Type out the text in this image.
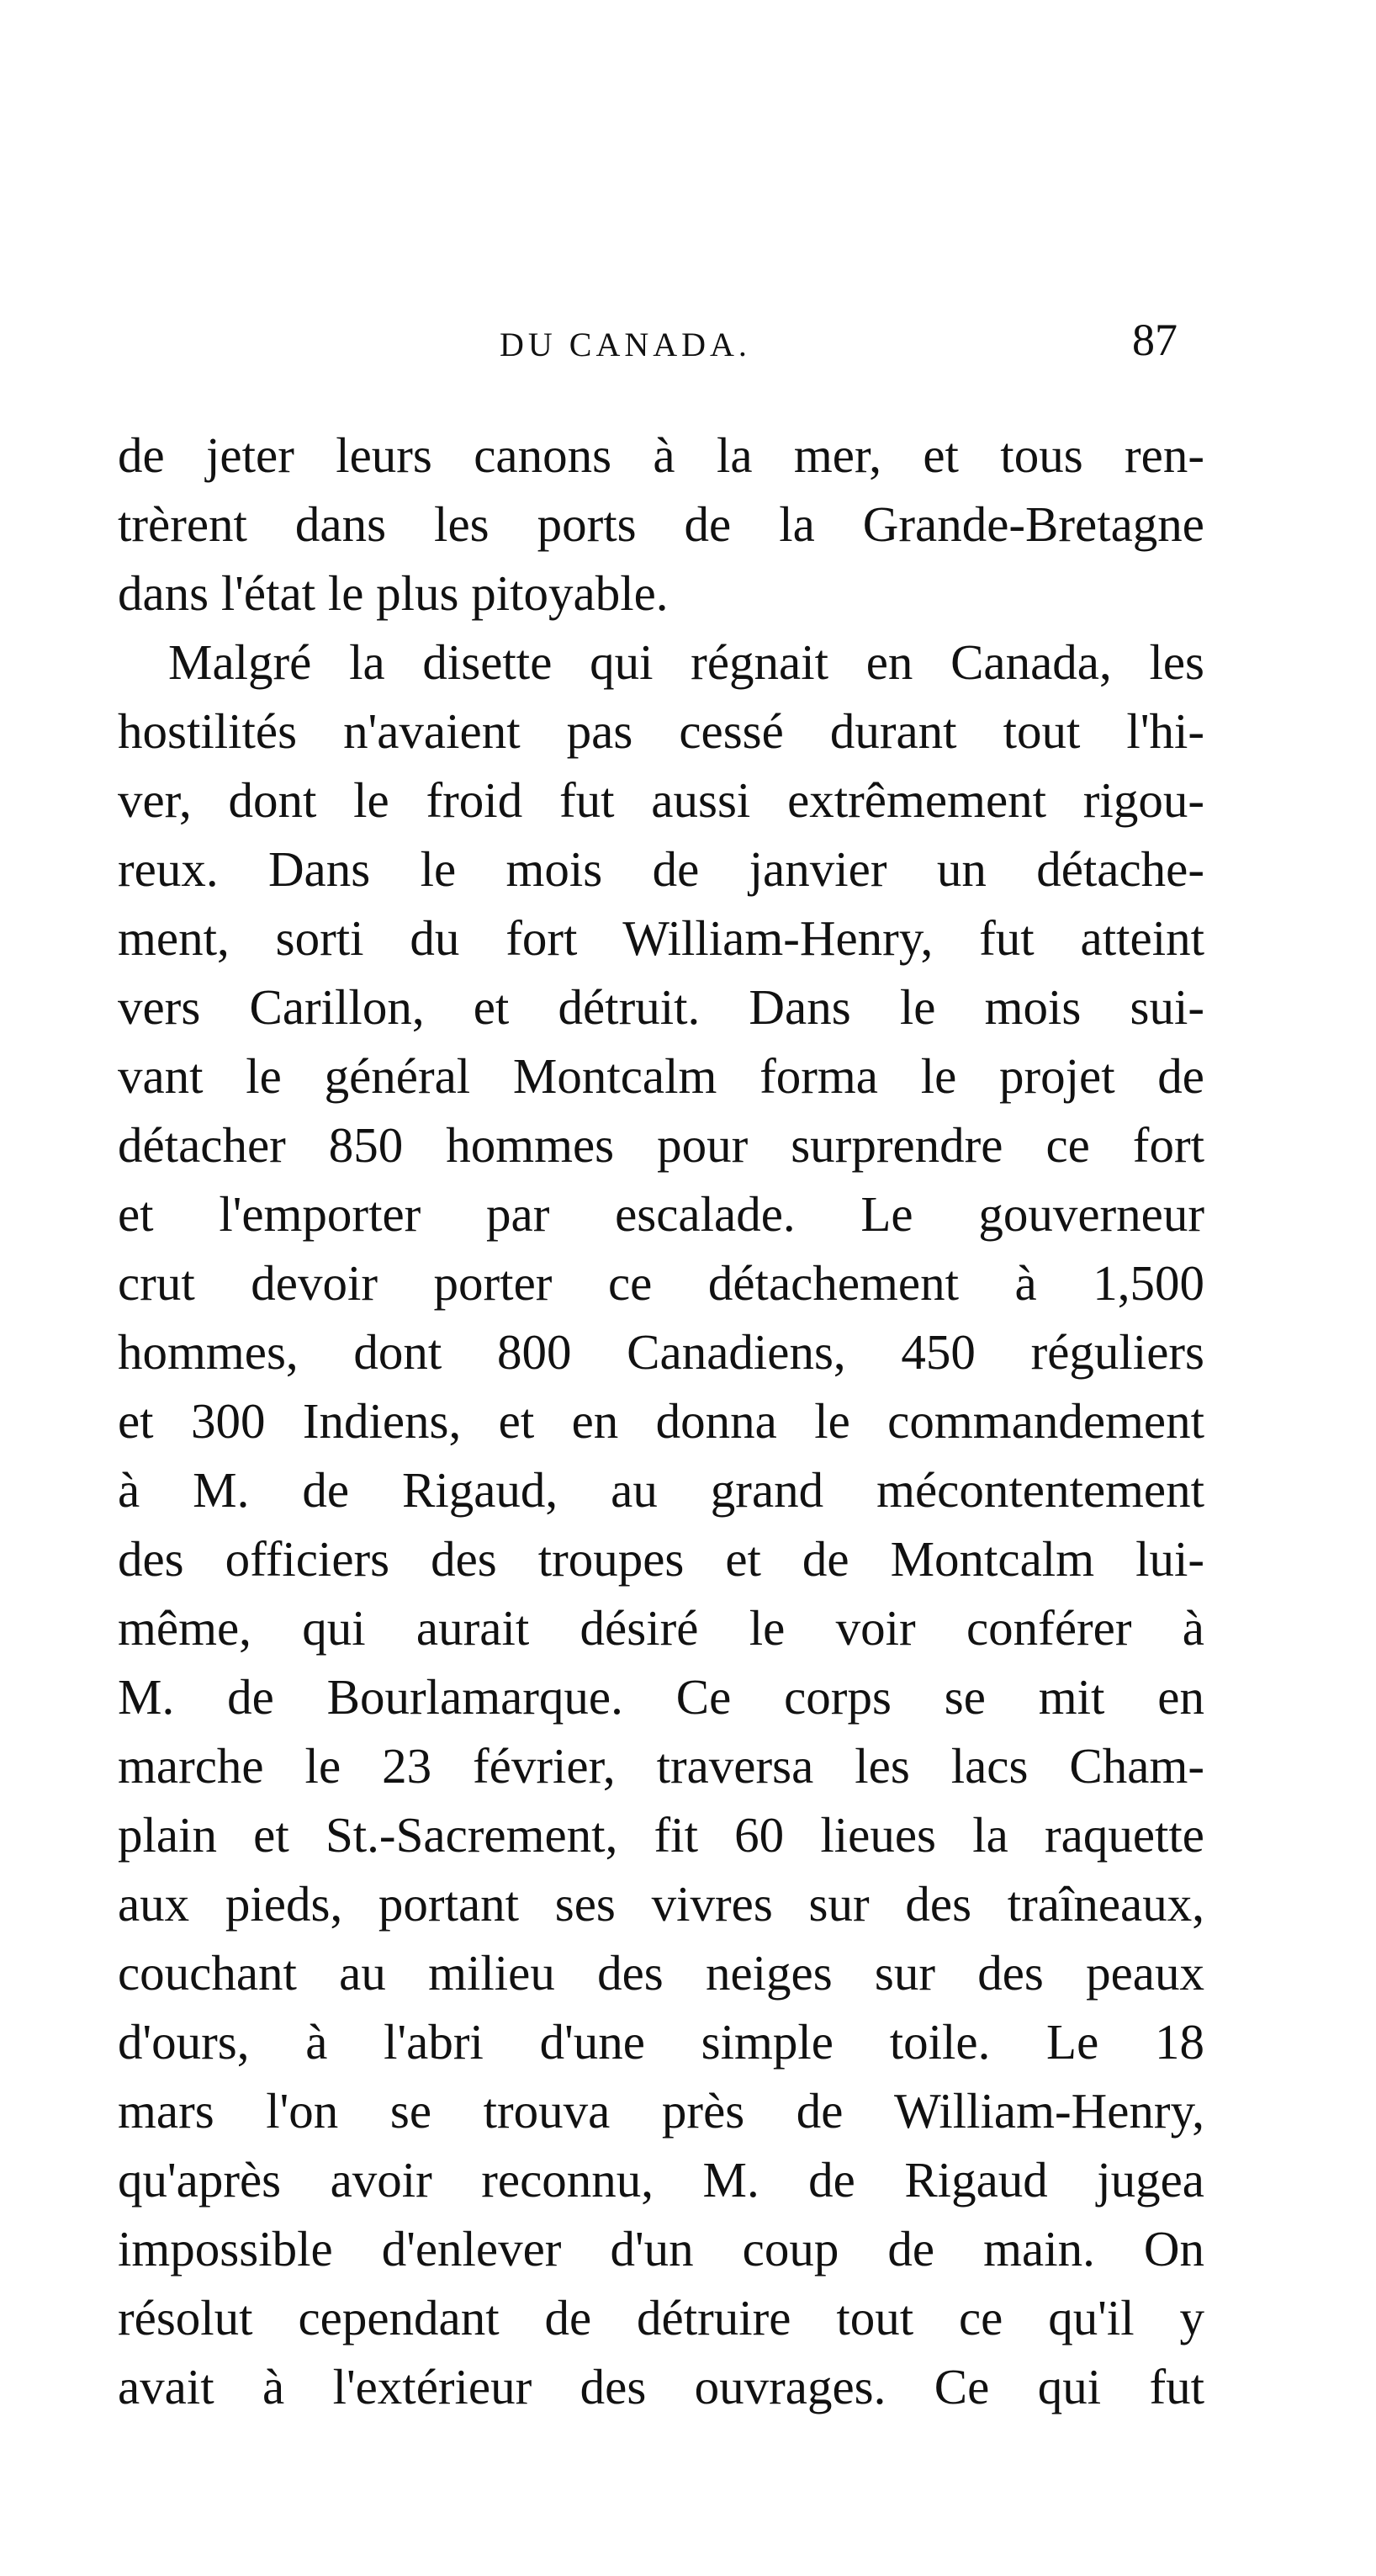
DU CANADA.	87
de jeter leurs canons à la mer, et tous ren-
trèrent dans les ports de la Grande-Bretagne
dans l'état le plus pitoyable.
Malgré la disette qui régnait en Canada, les
hostilités n'avaient pas cessé durant tout l'hi-
ver, dont le froid fut aussi extrêmement rigou-
reux. Dans le mois de janvier un détache-
ment, sorti du fort William-Henry, fut atteint
vers Carillon, et détruit. Dans le mois sui-
vant le général Montcalm forma le projet de
détacher 850 hommes pour surprendre ce fort
et l'emporter par escalade. Le gouverneur
crut devoir porter ce détachement à 1,500
hommes, dont 800 Canadiens, 450 réguliers
et 300 Indiens, et en donna le commandement
à M. de Rigaud, au grand mécontentement
des officiers des troupes et de Montcalm lui-
même, qui aurait désiré le voir conférer à
M. de Bourlamarque. Ce corps se mit en
marche le 23 février, traversa les lacs Cham-
plain et St.-Sacrement, fit 60 lieues la raquette
aux pieds, portant ses vivres sur des traîneaux,
couchant au milieu des neiges sur des peaux
d'ours, à l'abri d'une simple toile. Le 18
mars l'on se trouva près de William-Henry,
qu'après avoir reconnu, M. de Rigaud jugea
impossible d'enlever d'un coup de main. On
résolut cependant de détruire tout ce qu'il y
avait à l'extérieur des ouvrages. Ce qui fut
